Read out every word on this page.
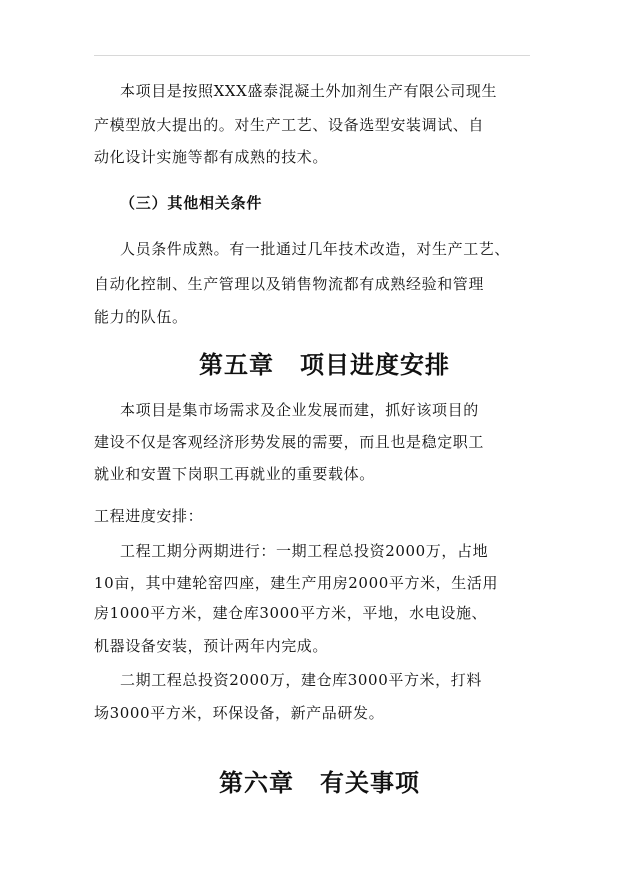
本项目是按照XXX盛泰混凝土外加剂生产有限公司现生
产模型放大提出的。对生产工艺、设备选型安装调试、自
动化设计实施等都有成熟的技术。
（三）其他相关条件
人员条件成熟。有一批通过几年技术改造，对生产工艺、
自动化控制、生产管理以及销售物流都有成熟经验和管理
能力的队伍。
第五章 项目进度安排
本项目是集市场需求及企业发展而建，抓好该项目的
建设不仅是客观经济形势发展的需要，而且也是稳定职工
就业和安置下岗职工再就业的重要载体。
工程进度安排：
工程工期分两期进行：一期工程总投资2000万，占地
10亩，其中建轮窑四座，建生产用房2000平方米，生活用
房1000平方米，建仓库3000平方米，平地，水电设施、
机器设备安装，预计两年内完成。
二期工程总投资2000万，建仓库3000平方米，打料
场3000平方米，环保设备，新产品研发。
第六章 有关事项
